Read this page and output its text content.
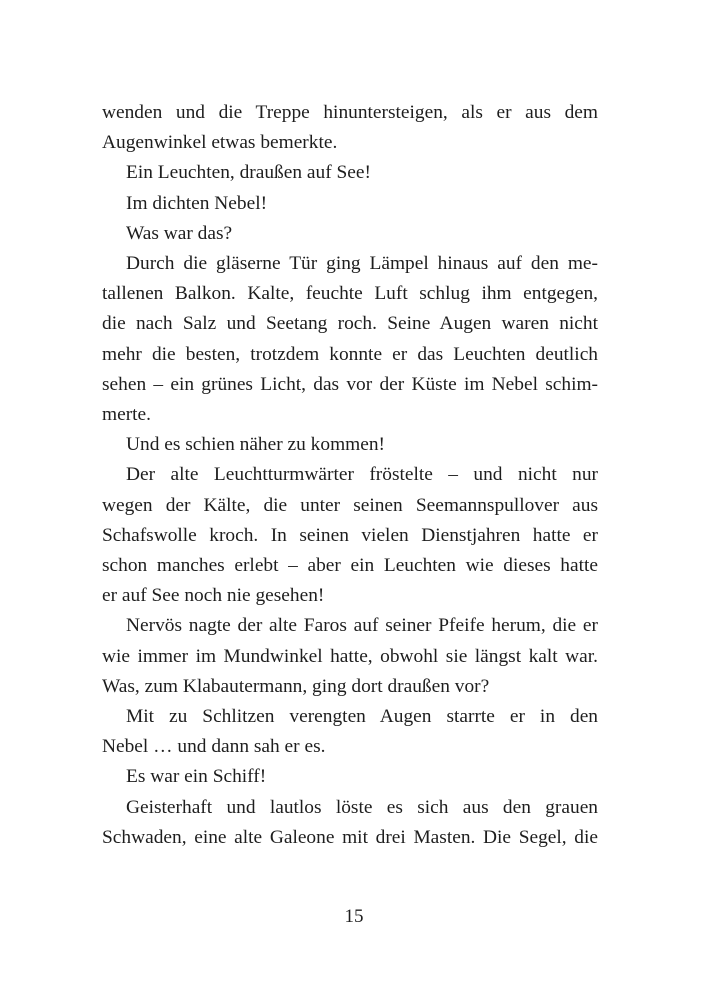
wenden und die Treppe hinuntersteigen, als er aus dem

Augenwinkel etwas bemerkte.

Ein Leuchten, draußen auf See!

Im dichten Nebel!

Was war das?

Durch die gläserne Tür ging Lämpel hinaus auf den me-

tallenen Balkon. Kalte, feuchte Luft schlug ihm entgegen,

die nach Salz und Seetang roch. Seine Augen waren nicht

mehr die besten, trotzdem konnte er das Leuchten deutlich

sehen – ein grünes Licht, das vor der Küste im Nebel schim-

merte.

Und es schien näher zu kommen!

Der alte Leuchtturmwärter fröstelte – und nicht nur

wegen der Kälte, die unter seinen Seemannspullover aus

Schafswolle kroch. In seinen vielen Dienstjahren hatte er

schon manches erlebt – aber ein Leuchten wie dieses hatte

er auf See noch nie gesehen!

Nervös nagte der alte Faros auf seiner Pfeife herum, die er

wie immer im Mundwinkel hatte, obwohl sie längst kalt war.

Was, zum Klabautermann, ging dort draußen vor?

Mit zu Schlitzen verengten Augen starrte er in den

Nebel … und dann sah er es.

Es war ein Schiff!

Geisterhaft und lautlos löste es sich aus den grauen

Schwaden, eine alte Galeone mit drei Masten. Die Segel, die

15
